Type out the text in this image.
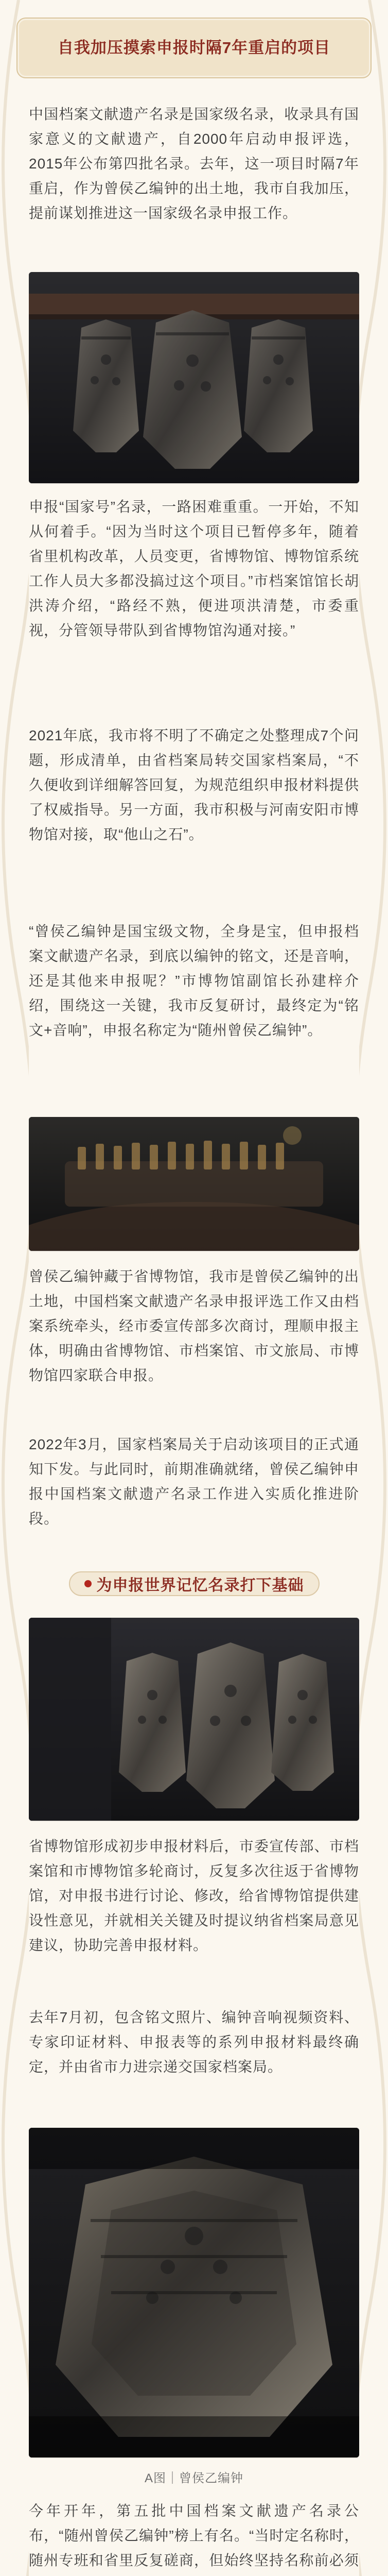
自我加压摸索申报时隔7年重启的项目
中国档案文献遗产名录是国家级名录，收录具有国家意义的文献遗产，自2000年启动申报评选，2015年公布第四批名录。去年，这一项目时隔7年重启，作为曾侯乙编钟的出土地，我市自我加压，提前谋划推进这一国家级名录申报工作。
申报“国家号”名录，一路困难重重。一开始，不知从何着手。“因为当时这个项目已暂停多年，随着省里机构改革，人员变更，省博物馆、博物馆系统工作人员大多都没搞过这个项目。”市档案馆馆长胡洪涛介绍，“路经不熟，便进项洪清楚，市委重视，分管领导带队到省博物馆沟通对接。”
2021年底，我市将不明了不确定之处整理成7个问题，形成清单，由省档案局转交国家档案局，“不久便收到详细解答回复，为规范组织申报材料提供了权威指导。另一方面，我市积极与河南安阳市博物馆对接，取“他山之石”。
“曾侯乙编钟是国宝级文物，全身是宝，但申报档案文献遗产名录，到底以编钟的铭文，还是音响，还是其他来申报呢？”市博物馆副馆长孙建梓介绍，围绕这一关键，我市反复研讨，最终定为“铭文+音响”，申报名称定为“随州曾侯乙编钟”。
曾侯乙编钟藏于省博物馆，我市是曾侯乙编钟的出土地，中国档案文献遗产名录申报评选工作又由档案系统牵头，经市委宣传部多次商讨，理顺申报主体，明确由省博物馆、市档案馆、市文旅局、市博物馆四家联合申报。
2022年3月，国家档案局关于启动该项目的正式通知下发。与此同时，前期准确就绪，曾侯乙编钟申报中国档案文献遗产名录工作进入实质化推进阶段。
为申报世界记忆名录打下基础
省博物馆形成初步申报材料后，市委宣传部、市档案馆和市博物馆多轮商讨，反复多次往返于省博物馆，对申报书进行讨论、修改，给省博物馆提供建设性意见，并就相关关键及时提议纳省档案局意见建议，协助完善申报材料。
去年7月初，包含铭文照片、编钟音响视频资料、专家印证材料、申报表等的系列申报材料最终确定，并由省市力进宗递交国家档案局。
A图｜曾侯乙编钟
今年开年，第五批中国档案文献遗产名录公布，“随州曾侯乙编钟”榜上有名。“当时定名称时，随州专班和省里反复磋商，但始终坚持名称前必须
